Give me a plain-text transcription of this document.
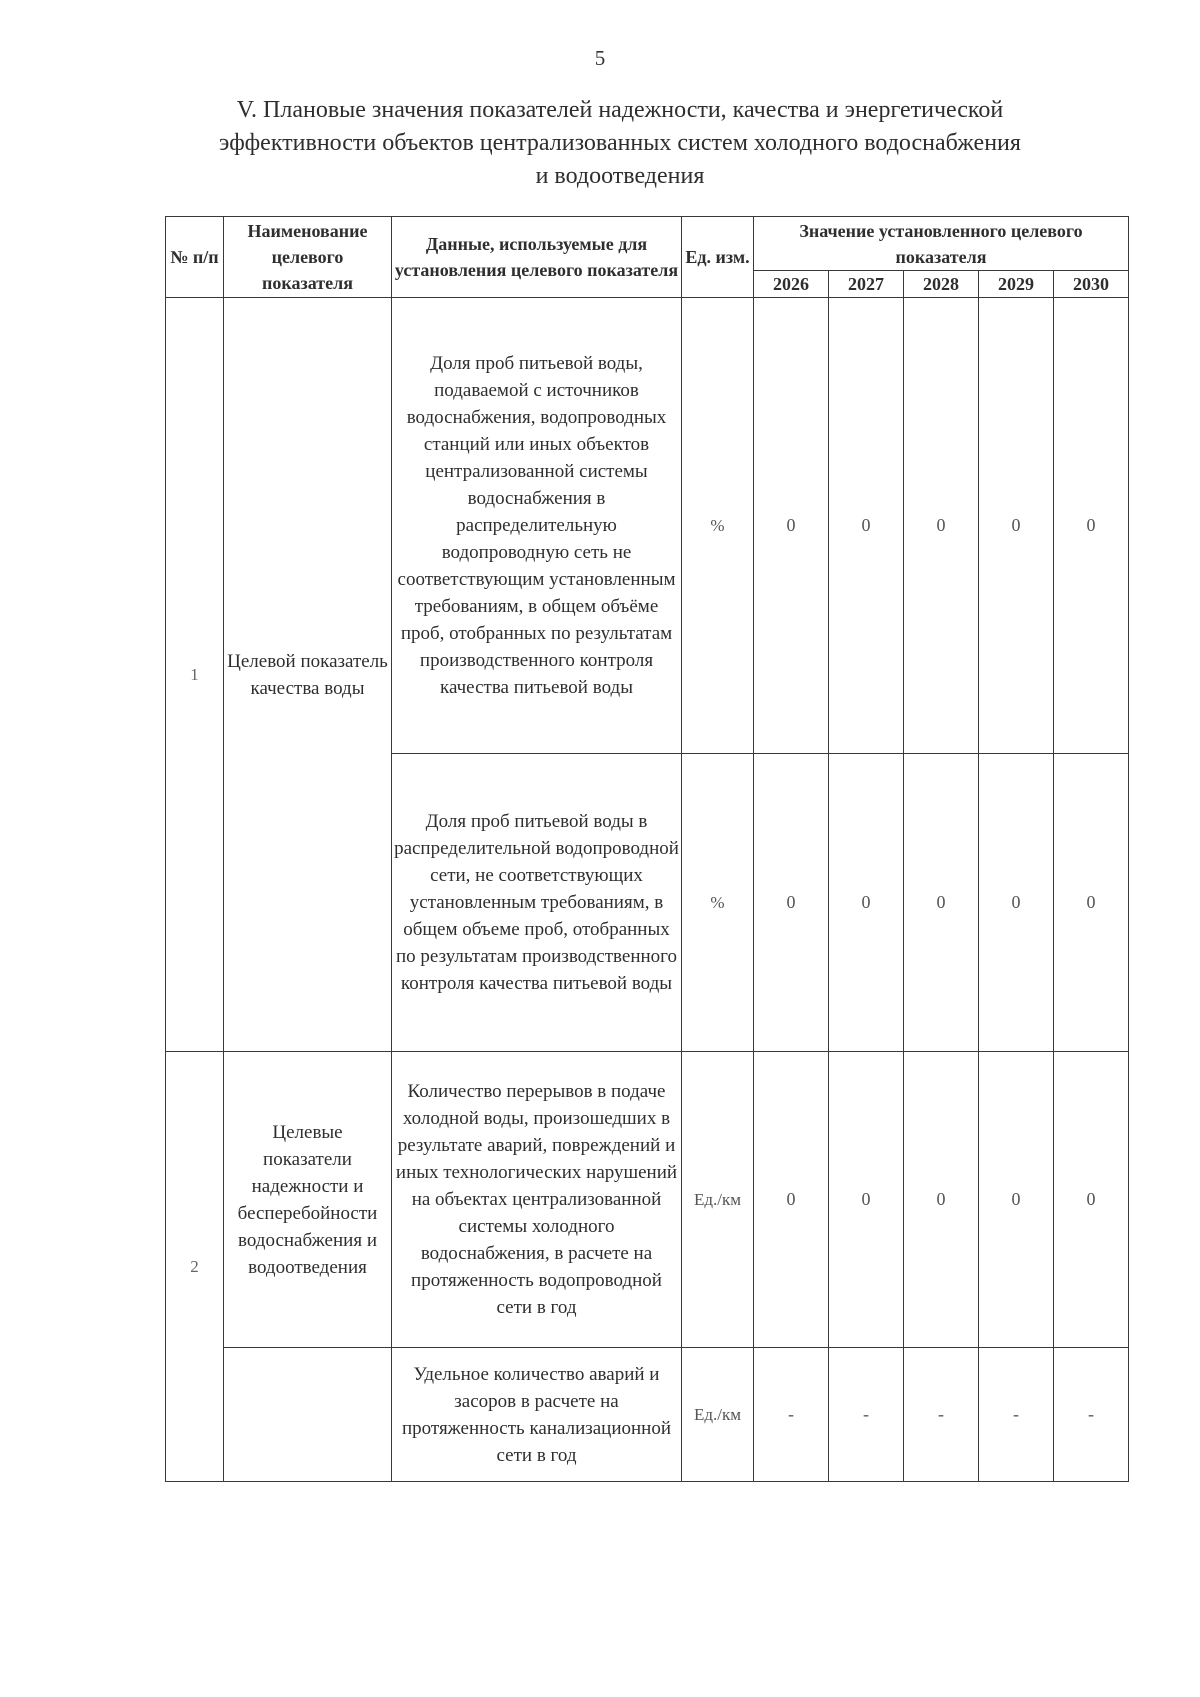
5
V. Плановые значения показателей надежности, качества и энергетической
эффективности объектов централизованных систем холодного водоснабжения
и водоотведения
№ п/п	Наименование целевого показателя	Данные, используемые для установления целевого показателя	Ед. изм.	Значение установленного целевого показателя				
				2026	2027	2028	2029	2030
1	Целевой показатель качества воды	Доля проб питьевой воды, подаваемой с источников водоснабжения, водопроводных станций или иных объектов централизованной системы водоснабжения в распределительную водопроводную сеть не соответствующим установленным требованиям, в общем объёме проб, отобранных по результатам производственного контроля качества питьевой воды	%	0	0	0	0	0
		Доля проб питьевой воды в распределительной водопроводной сети, не соответствующих установленным требованиям, в общем объеме проб, отобранных по результатам производственного контроля качества питьевой воды	%	0	0	0	0	0
2	Целевые показатели надежности и бесперебойности водоснабжения и водоотведения	Количество перерывов в подаче холодной воды, произошедших в результате аварий, повреждений и иных технологических нарушений на объектах централизованной системы холодного водоснабжения, в расчете на протяженность водопроводной сети в год	Ед./км	0	0	0	0	0
		Удельное количество аварий и засоров в расчете на протяженность канализационной сети в год	Ед./км	-	-	-	-	-
